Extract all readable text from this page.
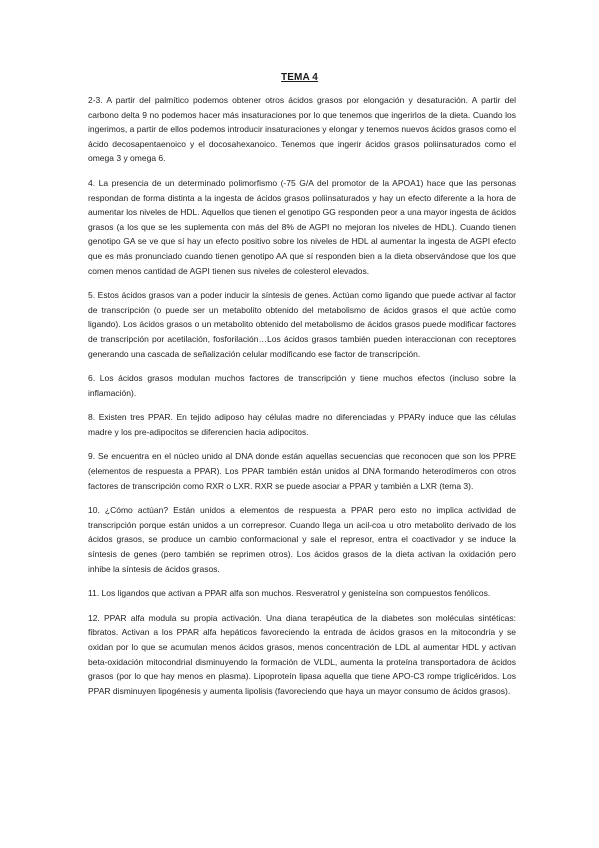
TEMA 4

2-3. A partir del palmítico podemos obtener otros ácidos grasos por elongación y desaturación. A partir del carbono delta 9 no podemos hacer más insaturaciones por lo que tenemos que ingerirlos de la dieta. Cuando los ingerimos, a partir de ellos podemos introducir insaturaciones y elongar y tenemos nuevos ácidos grasos como el ácido decosapentaenoico y el docosahexanoico. Tenemos que ingerir ácidos grasos poliinsaturados como el omega 3 y omega 6.

4. La presencia de un determinado polimorfismo (-75 G/A del promotor de la APOA1) hace que las personas respondan de forma distinta a la ingesta de ácidos grasos poliinsaturados y hay un efecto diferente a la hora de aumentar los niveles de HDL. Aquellos que tienen el genotipo GG responden peor a una mayor ingesta de ácidos grasos (a los que se les suplementa con más del 8% de AGPI no mejoran los niveles de HDL). Cuando tienen genotipo GA se ve que sí hay un efecto positivo sobre los niveles de HDL al aumentar la ingesta de AGPI efecto que es más pronunciado cuando tienen genotipo AA que sí responden bien a la dieta observándose que los que comen menos cantidad de AGPI tienen sus niveles de colesterol elevados.

5. Estos ácidos grasos van a poder inducir la síntesis de genes. Actúan como ligando que puede activar al factor de transcripción (o puede ser un metabolito obtenido del metabolismo de ácidos grasos el que actúe como ligando). Los ácidos grasos o un metabolito obtenido del metabolismo de ácidos grasos puede modificar factores de transcripción por acetilación, fosforilación…Los ácidos grasos también pueden interaccionan con receptores generando una cascada de señalización celular modificando ese factor de transcripción.

6. Los ácidos grasos modulan muchos factores de transcripción y tiene muchos efectos (incluso sobre la inflamación).

8. Existen tres PPAR. En tejido adiposo hay células madre no diferenciadas y PPARγ induce que las células madre y los pre-adipocitos se diferencien hacia adipocitos.

9. Se encuentra en el núcleo unido al DNA donde están aquellas secuencias que reconocen que son los PPRE (elementos de respuesta a PPAR). Los PPAR también están unidos al DNA formando heterodímeros con otros factores de transcripción como RXR o LXR. RXR se puede asociar a PPAR y también a LXR (tema 3).

10. ¿Cómo actúan? Están unidos a elementos de respuesta a PPAR pero esto no implica actividad de transcripción porque están unidos a un correpresor. Cuando llega un acil-coa u otro metabolito derivado de los ácidos grasos, se produce un cambio conformacional y sale el represor, entra el coactivador y se induce la síntesis de genes (pero también se reprimen otros). Los ácidos grasos de la dieta activan la oxidación pero inhibe la síntesis de ácidos grasos.

11. Los ligandos que activan a PPAR alfa son muchos. Resveratrol y genisteína son compuestos fenólicos.

12. PPAR alfa modula su propia activación. Una diana terapéutica de la diabetes son moléculas sintéticas: fibratos. Activan a los PPAR alfa hepáticos favoreciendo la entrada de ácidos grasos en la mitocondria y se oxidan por lo que se acumulan menos ácidos grasos, menos concentración de LDL al aumentar HDL y activan beta-oxidación mitocondrial disminuyendo la formación de VLDL, aumenta la proteína transportadora de ácidos grasos (por lo que hay menos en plasma). Lipoproteín lipasa aquella que tiene APO-C3 rompe triglicéridos. Los PPAR disminuyen lipogénesis y aumenta lipolisis (favoreciendo que haya un mayor consumo de ácidos grasos).
